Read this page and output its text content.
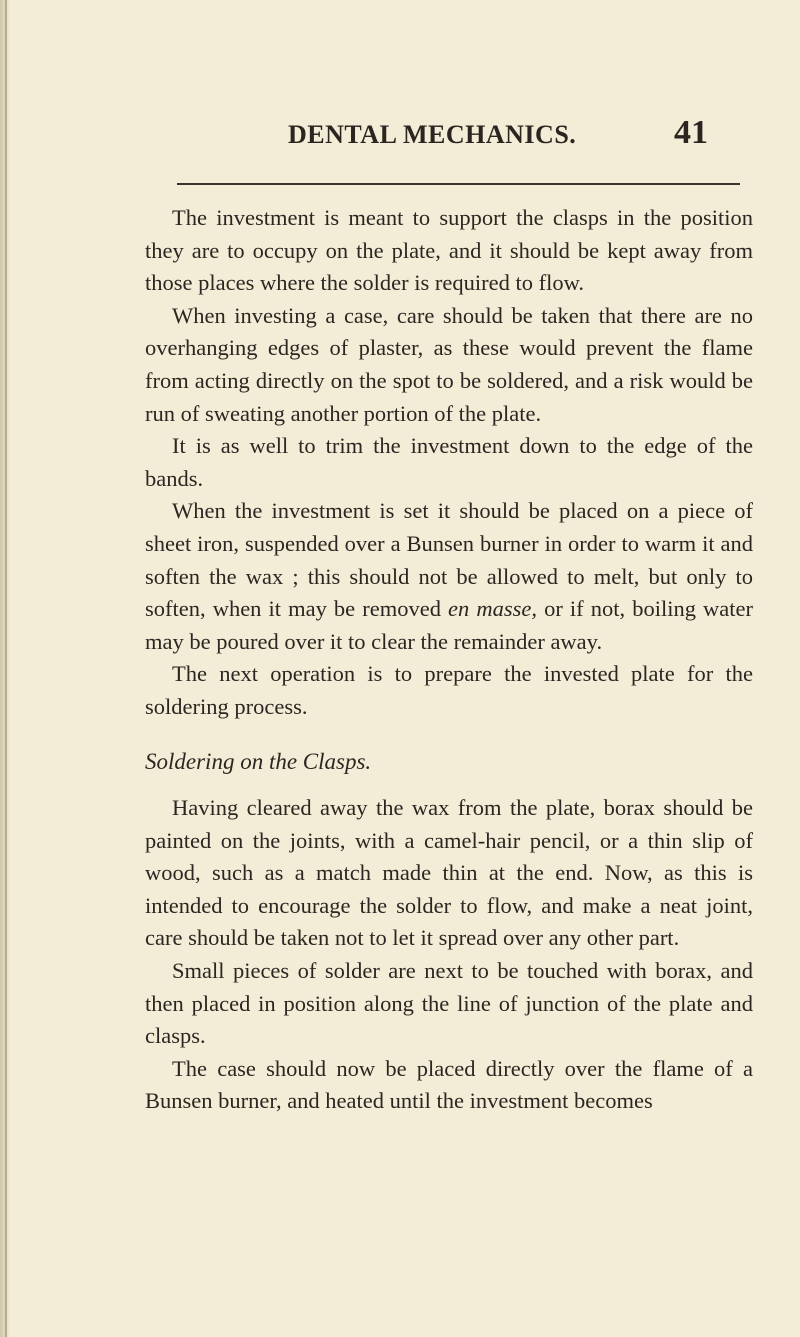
DENTAL MECHANICS.	41

The investment is meant to support the clasps in the position they are to occupy on the plate, and it should be kept away from those places where the solder is required to flow.

When investing a case, care should be taken that there are no overhanging edges of plaster, as these would prevent the flame from acting directly on the spot to be soldered, and a risk would be run of sweating another portion of the plate.

It is as well to trim the investment down to the edge of the bands.

When the investment is set it should be placed on a piece of sheet iron, suspended over a Bunsen burner in order to warm it and soften the wax ; this should not be allowed to melt, but only to soften, when it may be removed en masse, or if not, boiling water may be poured over it to clear the remainder away.

The next operation is to prepare the invested plate for the soldering process.

Soldering on the Clasps.

Having cleared away the wax from the plate, borax should be painted on the joints, with a camel-hair pencil, or a thin slip of wood, such as a match made thin at the end. Now, as this is intended to encourage the solder to flow, and make a neat joint, care should be taken not to let it spread over any other part.

Small pieces of solder are next to be touched with borax, and then placed in position along the line of junction of the plate and clasps.

The case should now be placed directly over the flame of a Bunsen burner, and heated until the investment becomes
